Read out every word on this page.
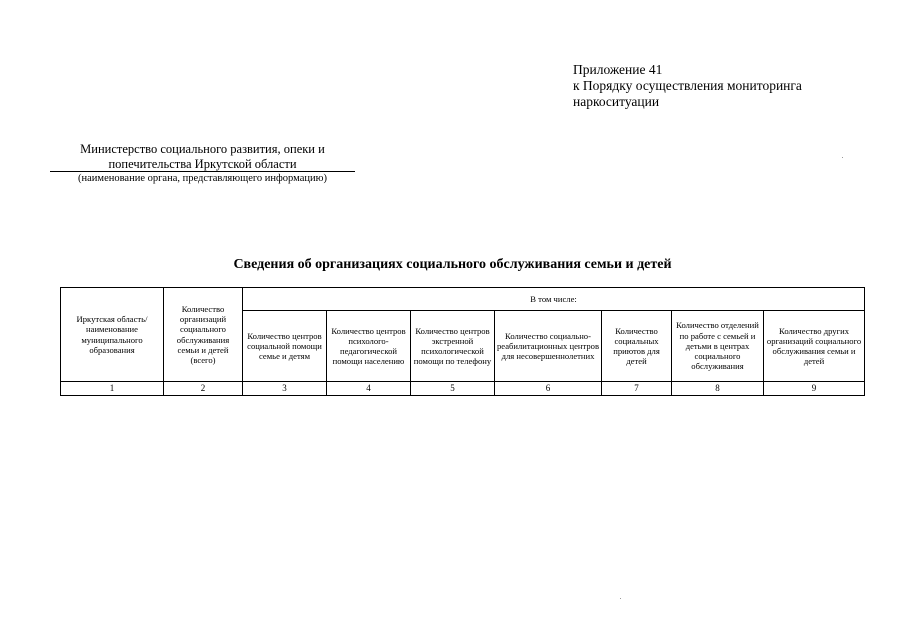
Приложение 41
к Порядку осуществления мониторинга
наркоситуации
Министерство социального развития, опеки и
попечительства Иркутской области
(наименование органа, представляющего информацию)
Сведения об организациях социального обслуживания семьи и детей
Иркутская область/ наименование муниципального образования	Количество организаций социального обслуживания семьи и детей (всего)	В том числе:						
		Количество центров социальной помощи семье и детям	Количество центров психолого-педагогической помощи населению	Количество центров экстренной психологической помощи по телефону	Количество социально-реабилитационных центров для несовершеннолетних	Количество социальных приютов для детей	Количество отделений по работе с семьей и детьми в центрах социального обслуживания	Количество других организаций социального обслуживания семьи и детей
1	2	3	4	5	6	7	8	9
